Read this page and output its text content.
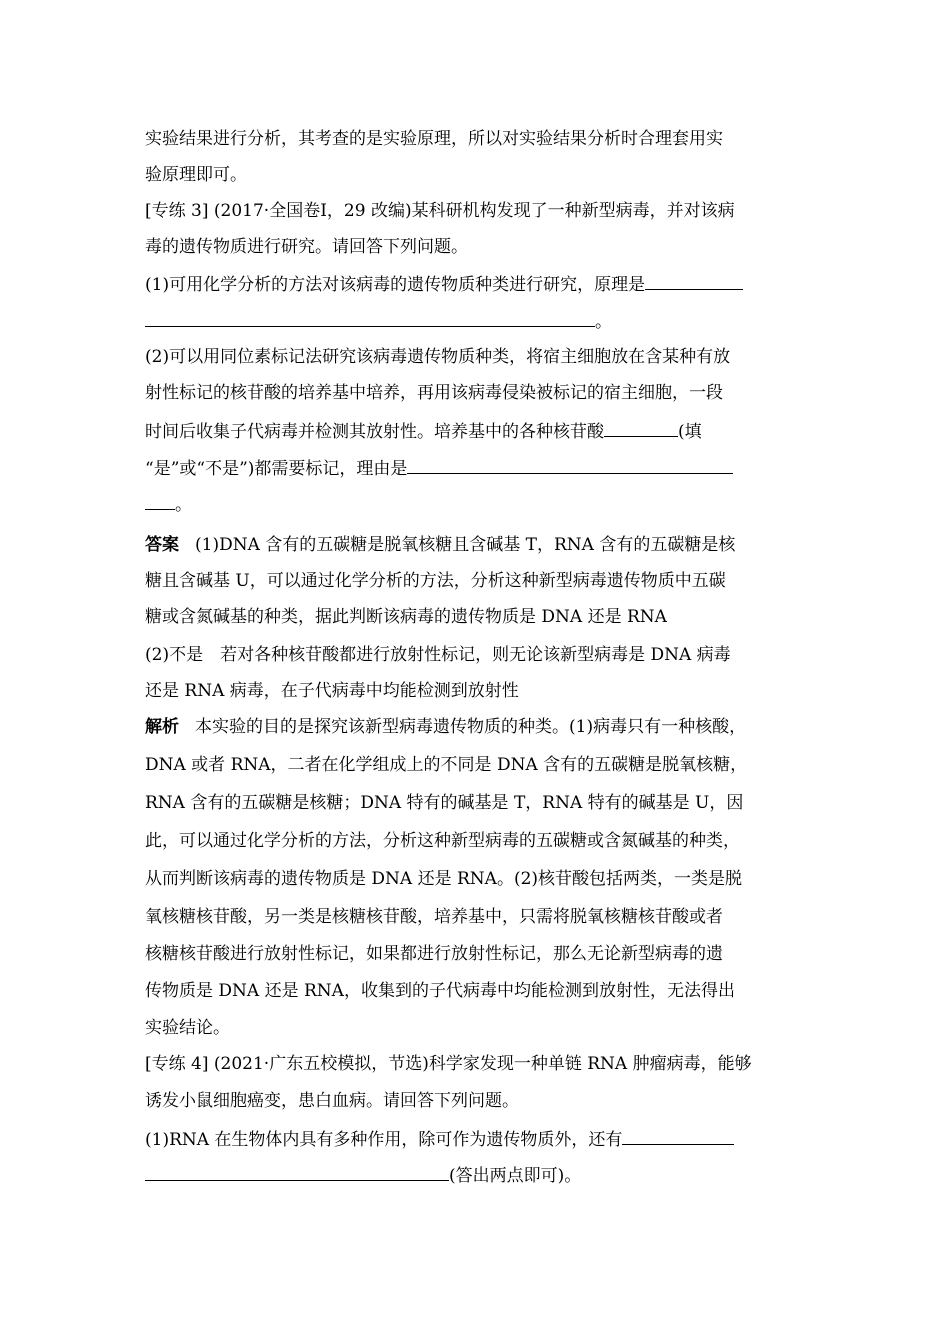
实验结果进行分析，其考查的是实验原理，所以对实验结果分析时合理套用实
验原理即可。
[专练 3] (2017·全国卷Ⅰ，29 改编)某科研机构发现了一种新型病毒，并对该病
毒的遗传物质进行研究。请回答下列问题。
(1)可用化学分析的方法对该病毒的遗传物质种类进行研究，原理是
。
(2)可以用同位素标记法研究该病毒遗传物质种类，将宿主细胞放在含某种有放
射性标记的核苷酸的培养基中培养，再用该病毒侵染被标记的宿主细胞，一段
时间后收集子代病毒并检测其放射性。培养基中的各种核苷酸	(填
“是”或“不是”)都需要标记，理由是
。
答案 (1)DNA 含有的五碳糖是脱氧核糖且含碱基 T，RNA 含有的五碳糖是核
糖且含碱基 U，可以通过化学分析的方法，分析这种新型病毒遗传物质中五碳
糖或含氮碱基的种类，据此判断该病毒的遗传物质是 DNA 还是 RNA
(2)不是　若对各种核苷酸都进行放射性标记，则无论该新型病毒是 DNA 病毒
还是 RNA 病毒，在子代病毒中均能检测到放射性
解析 本实验的目的是探究该新型病毒遗传物质的种类。(1)病毒只有一种核酸，
DNA 或者 RNA，二者在化学组成上的不同是 DNA 含有的五碳糖是脱氧核糖，
RNA 含有的五碳糖是核糖；DNA 特有的碱基是 T，RNA 特有的碱基是 U，因
此，可以通过化学分析的方法，分析这种新型病毒的五碳糖或含氮碱基的种类，
从而判断该病毒的遗传物质是 DNA 还是 RNA。(2)核苷酸包括两类，一类是脱
氧核糖核苷酸，另一类是核糖核苷酸，培养基中，只需将脱氧核糖核苷酸或者
核糖核苷酸进行放射性标记，如果都进行放射性标记，那么无论新型病毒的遗
传物质是 DNA 还是 RNA，收集到的子代病毒中均能检测到放射性，无法得出
实验结论。
[专练 4] (2021·广东五校模拟，节选)科学家发现一种单链 RNA 肿瘤病毒，能够
诱发小鼠细胞癌变，患白血病。请回答下列问题。
(1)RNA 在生物体内具有多种作用，除可作为遗传物质外，还有
(答出两点即可)。
